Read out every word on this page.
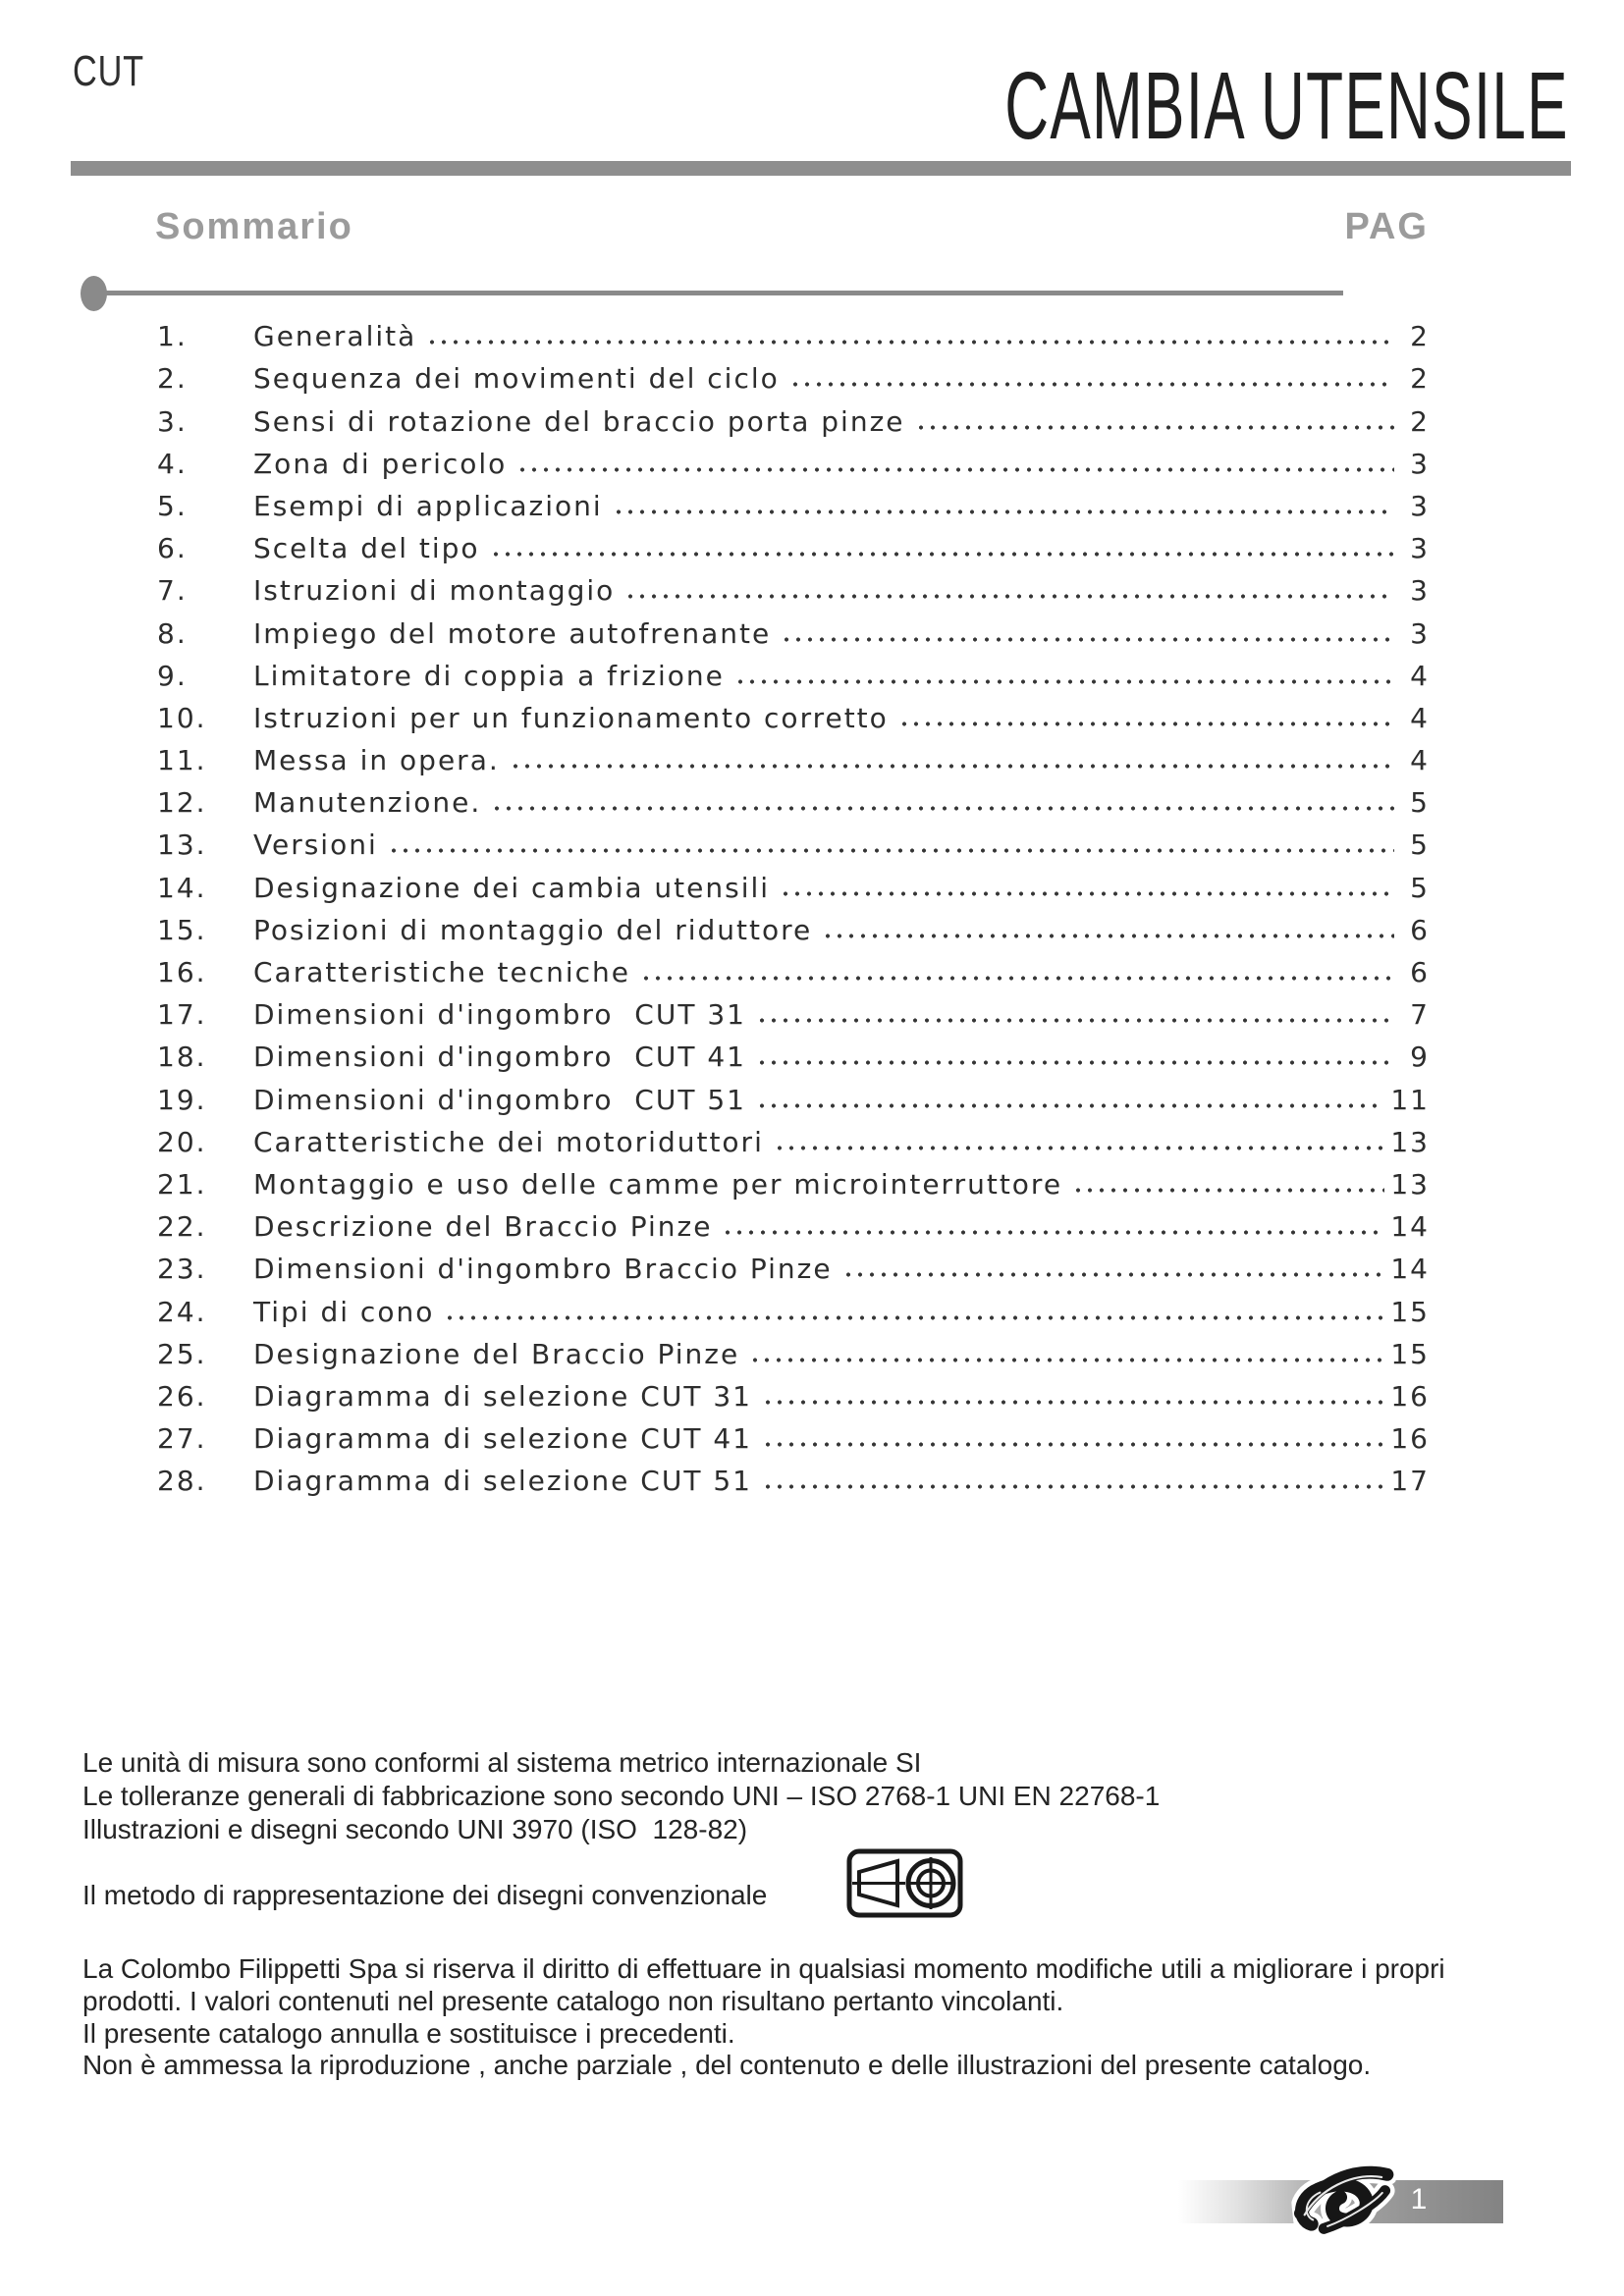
CUT	CAMBIA UTENSILE
Sommario	PAG
1.	Generalità	2
2.	Sequenza dei movimenti del ciclo	2
3.	Sensi di rotazione del braccio porta pinze	2
4.	Zona di pericolo	3
5.	Esempi di applicazioni	3
6.	Scelta del tipo	3
7.	Istruzioni di montaggio	3
8.	Impiego del motore autofrenante	3
9.	Limitatore di coppia a frizione	4
10.	Istruzioni per un funzionamento corretto	4
11.	Messa in opera.	4
12.	Manutenzione.	5
13.	Versioni	5
14.	Designazione dei cambia utensili	5
15.	Posizioni di montaggio del riduttore	6
16.	Caratteristiche tecniche	6
17.	Dimensioni d'ingombro  CUT 31	7
18.	Dimensioni d'ingombro  CUT 41	9
19.	Dimensioni d'ingombro  CUT 51	11
20.	Caratteristiche dei motoriduttori	13
21.	Montaggio e uso delle camme per microinterruttore	13
22.	Descrizione del Braccio Pinze	14
23.	Dimensioni d'ingombro Braccio Pinze	14
24.	Tipi di cono	15
25.	Designazione del Braccio Pinze	15
26.	Diagramma di selezione CUT 31	16
27.	Diagramma di selezione CUT 41	16
28.	Diagramma di selezione CUT 51	17
Le unità di misura sono conformi al sistema metrico internazionale SI
Le tolleranze generali di fabbricazione sono secondo UNI – ISO 2768-1 UNI EN 22768-1
Illustrazioni e disegni secondo UNI 3970 (ISO  128-82)
Il metodo di rappresentazione dei disegni convenzionale
La Colombo Filippetti Spa si riserva il diritto di effettuare in qualsiasi momento modifiche utili a migliorare i propri
prodotti. I valori contenuti nel presente catalogo non risultano pertanto vincolanti.
Il presente catalogo annulla e sostituisce i precedenti.
Non è ammessa la riproduzione , anche parziale , del contenuto e delle illustrazioni del presente catalogo.
1
